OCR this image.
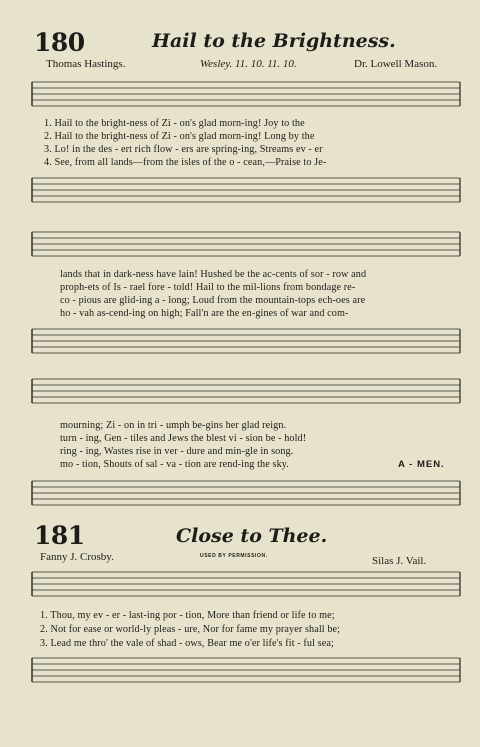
180	Hail to the Brightness.
Thomas Hastings.	Wesley. 11. 10. 11. 10.	Dr. Lowell Mason.
1. Hail to the bright-ness of Zi - on's glad morn-ing! Joy to the
2. Hail to the bright-ness of Zi - on's glad morn-ing! Long by the
3. Lo! in the des - ert rich flow - ers are spring-ing, Streams ev - er
4. See, from all lands—from the isles of the o - cean,—Praise to Je-
lands that in dark-ness have lain! Hushed be the ac-cents of sor - row and
proph-ets of Is - rael fore - told! Hail to the mil-lions from bondage re-
co - pious are glid-ing a - long; Loud from the mountain-tops ech-oes are
ho - vah as-cend-ing on high; Fall'n are the en-gines of war and com-
mourning; Zi - on in tri - umph be-gins her glad reign.
turn - ing, Gen - tiles and Jews the blest vi - sion be - hold!
ring - ing, Wastes rise in ver - dure and min-gle in song.
mo - tion, Shouts of sal - va - tion are rend-ing the sky.	A - MEN.
181	Close to Thee.
Fanny J. Crosby.	USED BY PERMISSION.	Silas J. Vail.
1. Thou, my ev - er - last-ing por - tion, More than friend or life to me;
2. Not for ease or world-ly pleas - ure, Nor for fame my prayer shall be;
3. Lead me thro' the vale of shad - ows, Bear me o'er life's fit - ful sea;
